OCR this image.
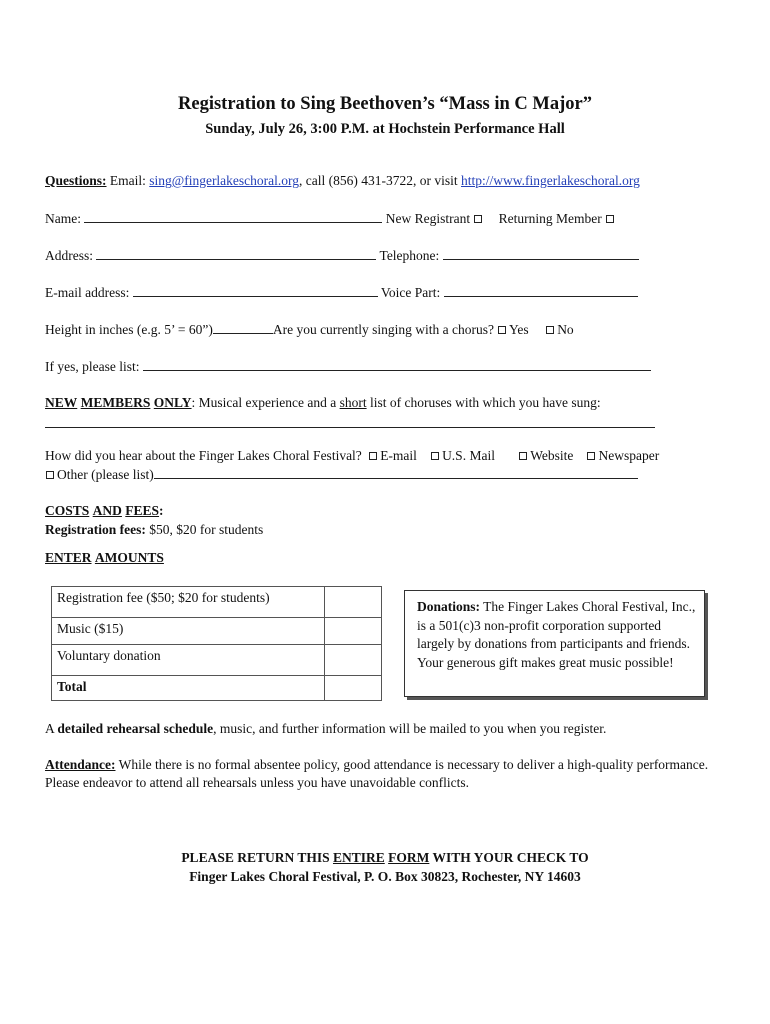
Registration to Sing Beethoven’s “Mass in C Major”
Sunday, July 26, 3:00 P.M. at Hochstein Performance Hall
Questions: Email: sing@fingerlakeschoral.org, call (856) 431-3722, or visit http://www.fingerlakeschoral.org
Name:	New Registrant Returning Member
Address:	Telephone:
E-mail address:	Voice Part:
Height in inches (e.g. 5’ = 60”)	Are you currently singing with a chorus? Yes No
If yes, please list:
NEW MEMBERS ONLY: Musical experience and a short list of choruses with which you have sung:
How did you hear about the Finger Lakes Choral Festival? E-mail U.S. Mail	Website Newspaper
Other (please list)
COSTS AND FEES:
Registration fees: $50, $20 for students
ENTER AMOUNTS
Registration fee ($50; $20 for students)	
Music ($15)	
Voluntary donation	
Total	
Donations: The Finger Lakes Choral Festival, Inc., is a 501(c)3 non-profit corporation supported largely by donations from participants and friends. Your generous gift makes great music possible!
A detailed rehearsal schedule, music, and further information will be mailed to you when you register.
Attendance: While there is no formal absentee policy, good attendance is necessary to deliver a high-quality performance. Please endeavor to attend all rehearsals unless you have unavoidable conflicts.
PLEASE RETURN THIS ENTIRE FORM WITH YOUR CHECK TO
Finger Lakes Choral Festival, P. O. Box 30823, Rochester, NY 14603
